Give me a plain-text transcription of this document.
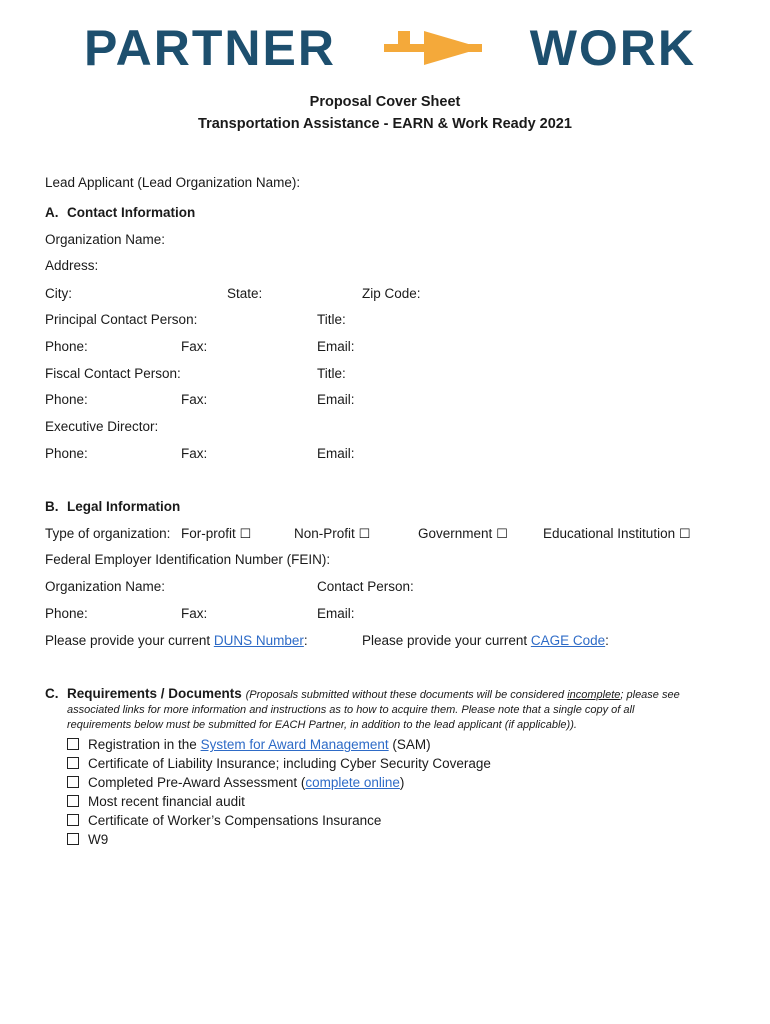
PARTNER	WORK
Proposal Cover Sheet
Transportation Assistance - EARN & Work Ready 2021
Lead Applicant (Lead Organization Name):
A. Contact Information
Organization Name:
Address:
City:	State:	Zip Code:
Principal Contact Person:	Title:
Phone:	Fax:	Email:
Fiscal Contact Person:	Title:
Phone:	Fax:	Email:
Executive Director:
Phone:	Fax:	Email:
B. Legal Information
Type of organization: For-profit ☐	Non-Profit ☐	Government ☐	Educational Institution ☐
Federal Employer Identification Number (FEIN):
Organization Name:	Contact Person:
Phone:	Fax:	Email:
Please provide your current DUNS Number:	Please provide your current CAGE Code:
C. Requirements / Documents (Proposals submitted without these documents will be considered incomplete; please see
associated links for more information and instructions as to how to acquire them. Please note that a single copy of all
requirements below must be submitted for EACH Partner, in addition to the lead applicant (if applicable)).
Registration in the System for Award Management (SAM)
Certificate of Liability Insurance; including Cyber Security Coverage
Completed Pre-Award Assessment (complete online)
Most recent financial audit
Certificate of Worker’s Compensations Insurance
W9
